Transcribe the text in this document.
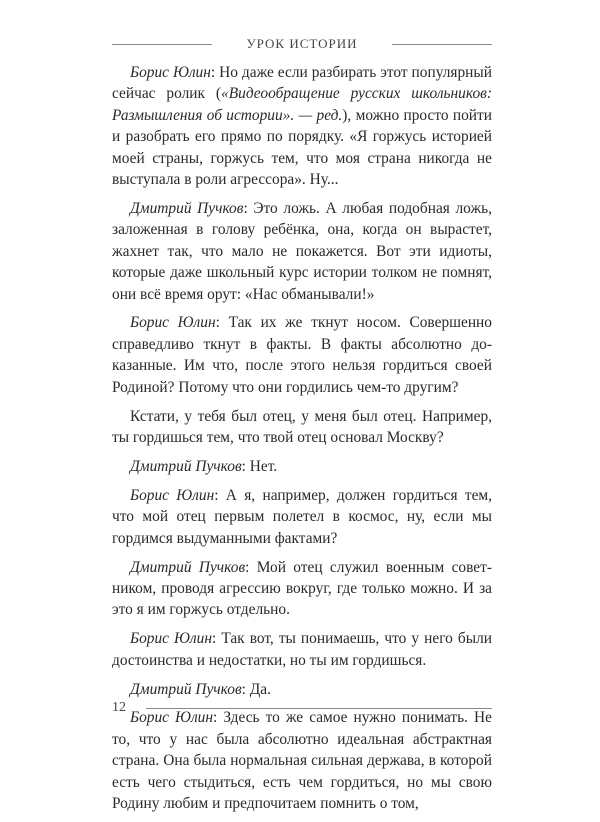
УРОК ИСТОРИИ

Борис Юлин: Но даже если разбирать этот популярный сейчас ролик («Видеообращение русских школьников: Размышления об истории». — ред.), можно просто пойти и разобрать его прямо по порядку. «Я горжусь историей моей страны, горжусь тем, что моя страна никогда не выступала в роли агрессора». Ну...

Дмитрий Пучков: Это ложь. А любая подобная ложь, заложенная в голову ребёнка, она, когда он вырастет, жахнет так, что мало не покажется. Вот эти идиоты, которые даже школьный курс истории толком не помнят, они всё время орут: «Нас обманывали!»

Борис Юлин: Так их же ткнут носом. Совершенно справедливо ткнут в факты. В факты абсолютно доказанные. Им что, после этого нельзя гордиться своей Родиной? Потому что они гордились чем-то другим?

Кстати, у тебя был отец, у меня был отец. Например, ты гордишься тем, что твой отец основал Москву?

Дмитрий Пучков: Нет.

Борис Юлин: А я, например, должен гордиться тем, что мой отец первым полетел в космос, ну, если мы гордимся выдуманными фактами?

Дмитрий Пучков: Мой отец служил военным советником, проводя агрессию вокруг, где только можно. И за это я им горжусь отдельно.

Борис Юлин: Так вот, ты понимаешь, что у него были достоинства и недостатки, но ты им гордишься.

Дмитрий Пучков: Да.

Борис Юлин: Здесь то же самое нужно понимать. Не то, что у нас была абсолютно идеальная абстрактная страна. Она была нормальная сильная держава, в которой есть чего стыдиться, есть чем гордиться, но мы свою Родину любим и предпочитаем помнить о том,

12
